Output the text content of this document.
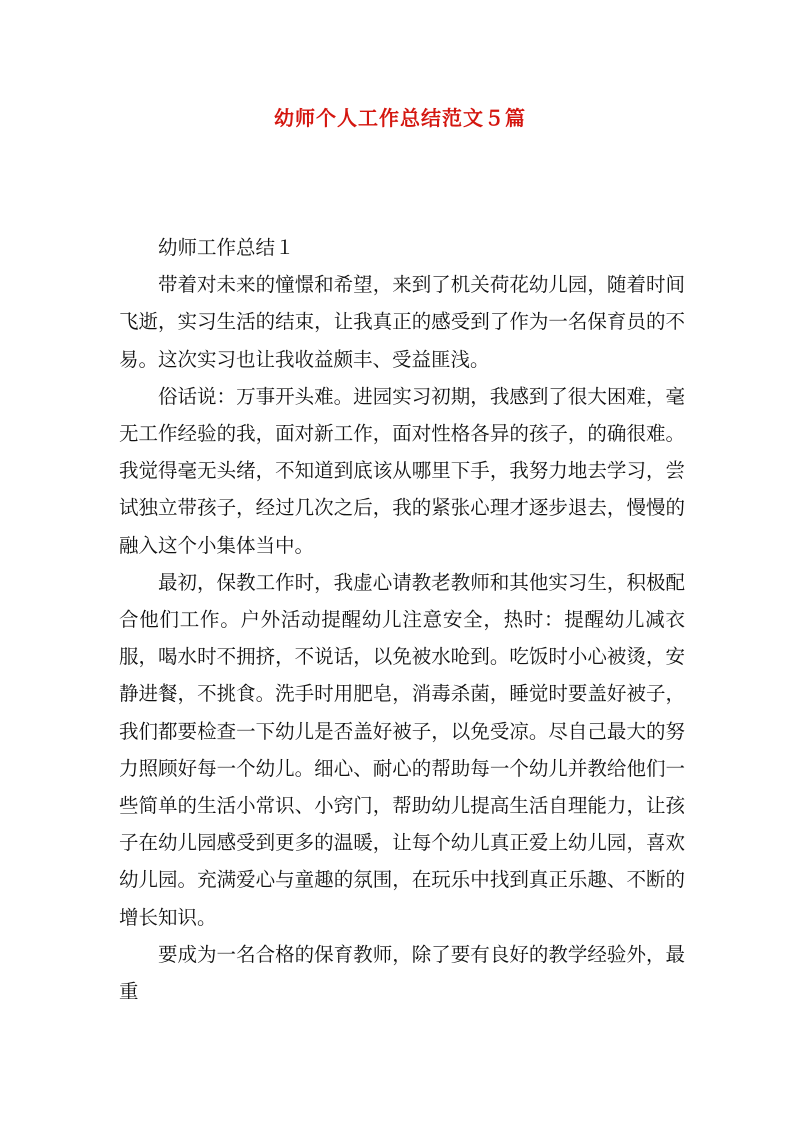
幼师个人工作总结范文５篇

幼师工作总结１

带着对未来的憧憬和希望，来到了机关荷花幼儿园，随着时间飞逝，实习生活的结束，让我真正的感受到了作为一名保育员的不易。这次实习也让我收益颇丰、受益匪浅。

俗话说：万事开头难。进园实习初期，我感到了很大困难，毫无工作经验的我，面对新工作，面对性格各异的孩子，的确很难。我觉得毫无头绪，不知道到底该从哪里下手，我努力地去学习，尝试独立带孩子，经过几次之后，我的紧张心理才逐步退去，慢慢的融入这个小集体当中。

最初，保教工作时，我虚心请教老教师和其他实习生，积极配合他们工作。户外活动提醒幼儿注意安全，热时：提醒幼儿减衣服，喝水时不拥挤，不说话，以免被水呛到。吃饭时小心被烫，安静进餐，不挑食。洗手时用肥皂，消毒杀菌，睡觉时要盖好被子，我们都要检查一下幼儿是否盖好被子，以免受凉。尽自己最大的努力照顾好每一个幼儿。细心、耐心的帮助每一个幼儿并教给他们一些简单的生活小常识、小窍门，帮助幼儿提高生活自理能力，让孩子在幼儿园感受到更多的温暖，让每个幼儿真正爱上幼儿园，喜欢幼儿园。充满爱心与童趣的氛围，在玩乐中找到真正乐趣、不断的增长知识。

要成为一名合格的保育教师，除了要有良好的教学经验外，最重
